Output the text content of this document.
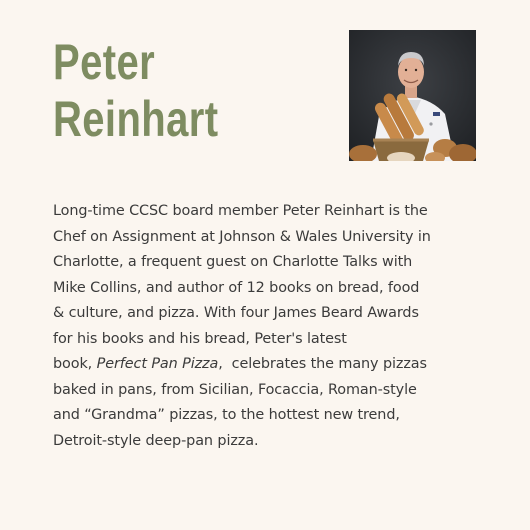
Peter
Reinhart

Long-time CCSC board member Peter Reinhart is the
Chef on Assignment at Johnson & Wales University in
Charlotte, a frequent guest on Charlotte Talks with
Mike Collins, and author of 12 books on bread, food
& culture, and pizza. With four James Beard Awards
for his books and his bread, Peter's latest
book, Perfect Pan Pizza,  celebrates the many pizzas
baked in pans, from Sicilian, Focaccia, Roman-style
and “Grandma” pizzas, to the hottest new trend,
Detroit-style deep-pan pizza.
